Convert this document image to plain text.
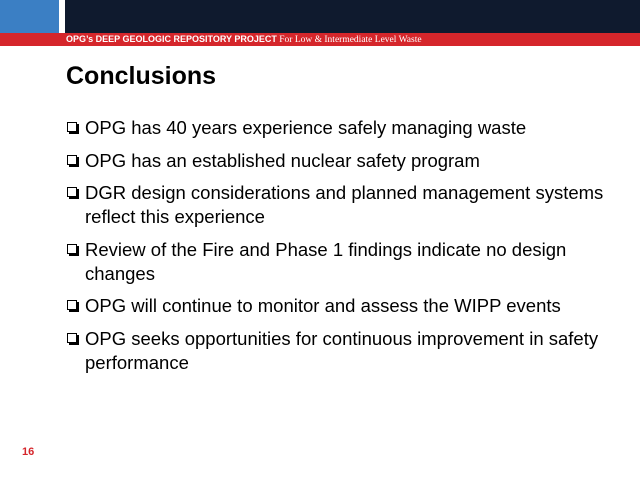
OPG’s DEEP GEOLOGIC REPOSITORY PROJECT For Low & Intermediate Level Waste
Conclusions
OPG has 40 years experience safely managing waste
OPG has an established nuclear safety program
DGR design considerations and planned management systems reflect this experience
Review of the Fire and Phase 1 findings indicate no design changes
OPG will continue to monitor and assess the WIPP events
OPG seeks opportunities for continuous improvement in safety performance
16
